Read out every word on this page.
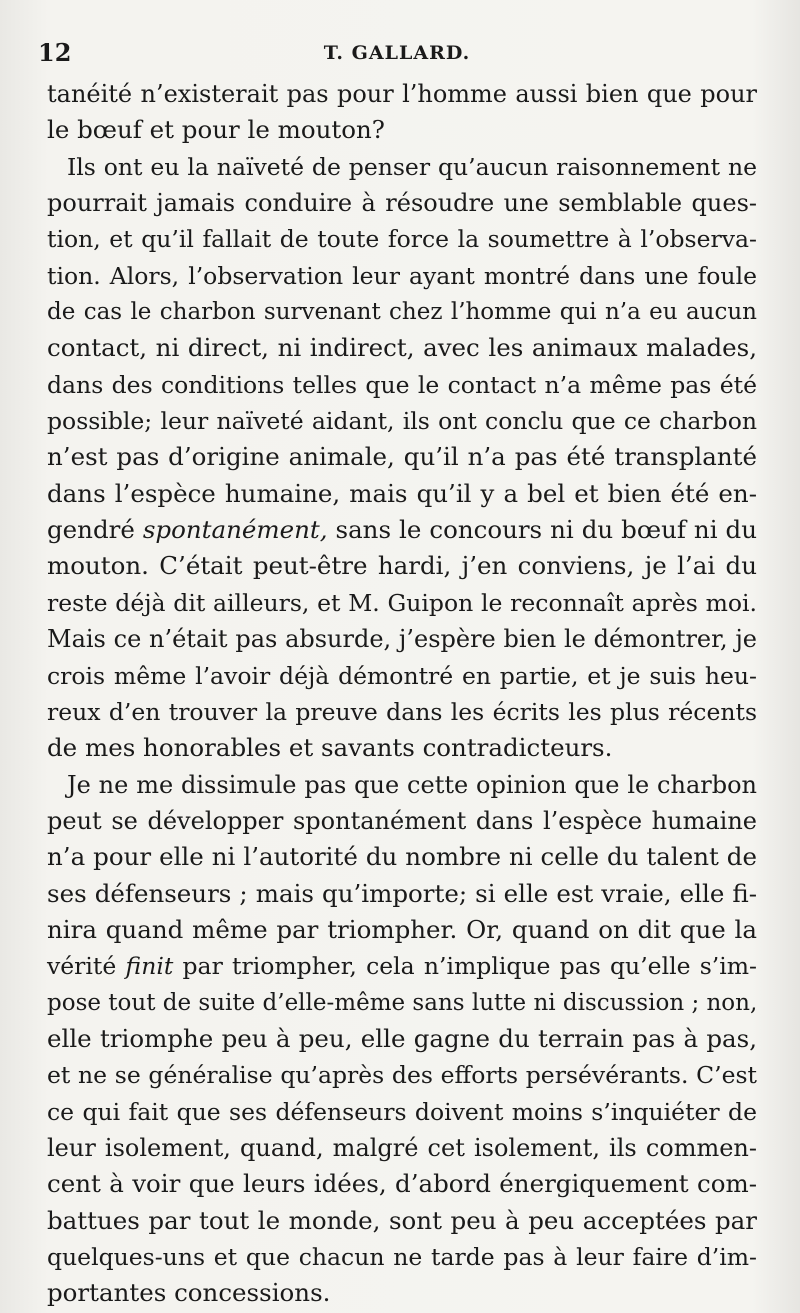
12	T. GALLARD.
tanéité n’existerait pas pour l’homme aussi bien que pour
le bœuf et pour le mouton?
Ils ont eu la naïveté de penser qu’aucun raisonnement ne
pourrait jamais conduire à résoudre une semblable ques-
tion, et qu’il fallait de toute force la soumettre à l’observa-
tion. Alors, l’observation leur ayant montré dans une foule
de cas le charbon survenant chez l’homme qui n’a eu aucun
contact, ni direct, ni indirect, avec les animaux malades,
dans des conditions telles que le contact n’a même pas été
possible; leur naïveté aidant, ils ont conclu que ce charbon
n’est pas d’origine animale, qu’il n’a pas été transplanté
dans l’espèce humaine, mais qu’il y a bel et bien été en-
gendré spontanément, sans le concours ni du bœuf ni du
mouton. C’était peut-être hardi, j’en conviens, je l’ai du
reste déjà dit ailleurs, et M. Guipon le reconnaît après moi.
Mais ce n’était pas absurde, j’espère bien le démontrer, je
crois même l’avoir déjà démontré en partie, et je suis heu-
reux d’en trouver la preuve dans les écrits les plus récents
de mes honorables et savants contradicteurs.
Je ne me dissimule pas que cette opinion que le charbon
peut se développer spontanément dans l’espèce humaine
n’a pour elle ni l’autorité du nombre ni celle du talent de
ses défenseurs ; mais qu’importe; si elle est vraie, elle fi-
nira quand même par triompher. Or, quand on dit que la
vérité finit par triompher, cela n’implique pas qu’elle s’im-
pose tout de suite d’elle-même sans lutte ni discussion ; non,
elle triomphe peu à peu, elle gagne du terrain pas à pas,
et ne se généralise qu’après des efforts persévérants. C’est
ce qui fait que ses défenseurs doivent moins s’inquiéter de
leur isolement, quand, malgré cet isolement, ils commen-
cent à voir que leurs idées, d’abord énergiquement com-
battues par tout le monde, sont peu à peu acceptées par
quelques-uns et que chacun ne tarde pas à leur faire d’im-
portantes concessions.
